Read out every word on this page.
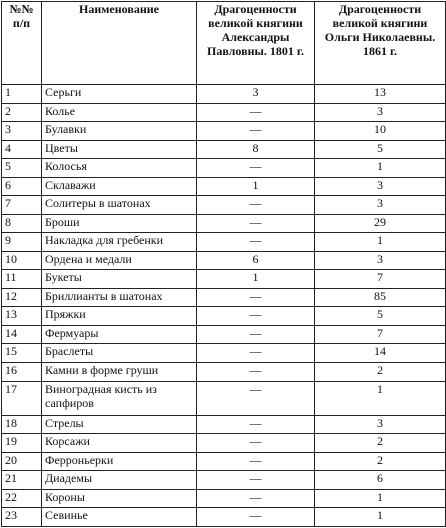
№№ п/п	Наименование	Драгоценности великой княгини Александры Павловны. 1801 г.	Драгоценности великой княгини Ольги Николаевны. 1861 г.
1	Серьги	3	13
2	Колье	—	3
3	Булавки	—	10
4	Цветы	8	5
5	Колосья	—	1
6	Склаважи	1	3
7	Солитеры в шатонах	—	3
8	Броши	—	29
9	Накладка для гребенки	—	1
10	Ордена и медали	6	3
11	Букеты	1	7
12	Бриллианты в шатонах	—	85
13	Пряжки	—	5
14	Фермуары	—	7
15	Браслеты	—	14
16	Камни в форме груши	—	2
17	Виноградная кисть из сапфиров	—	1
18	Стрелы	—	3
19	Корсажи	—	2
20	Ферроньерки	—	2
21	Диадемы	—	6
22	Короны	—	1
23	Севинье	—	1
